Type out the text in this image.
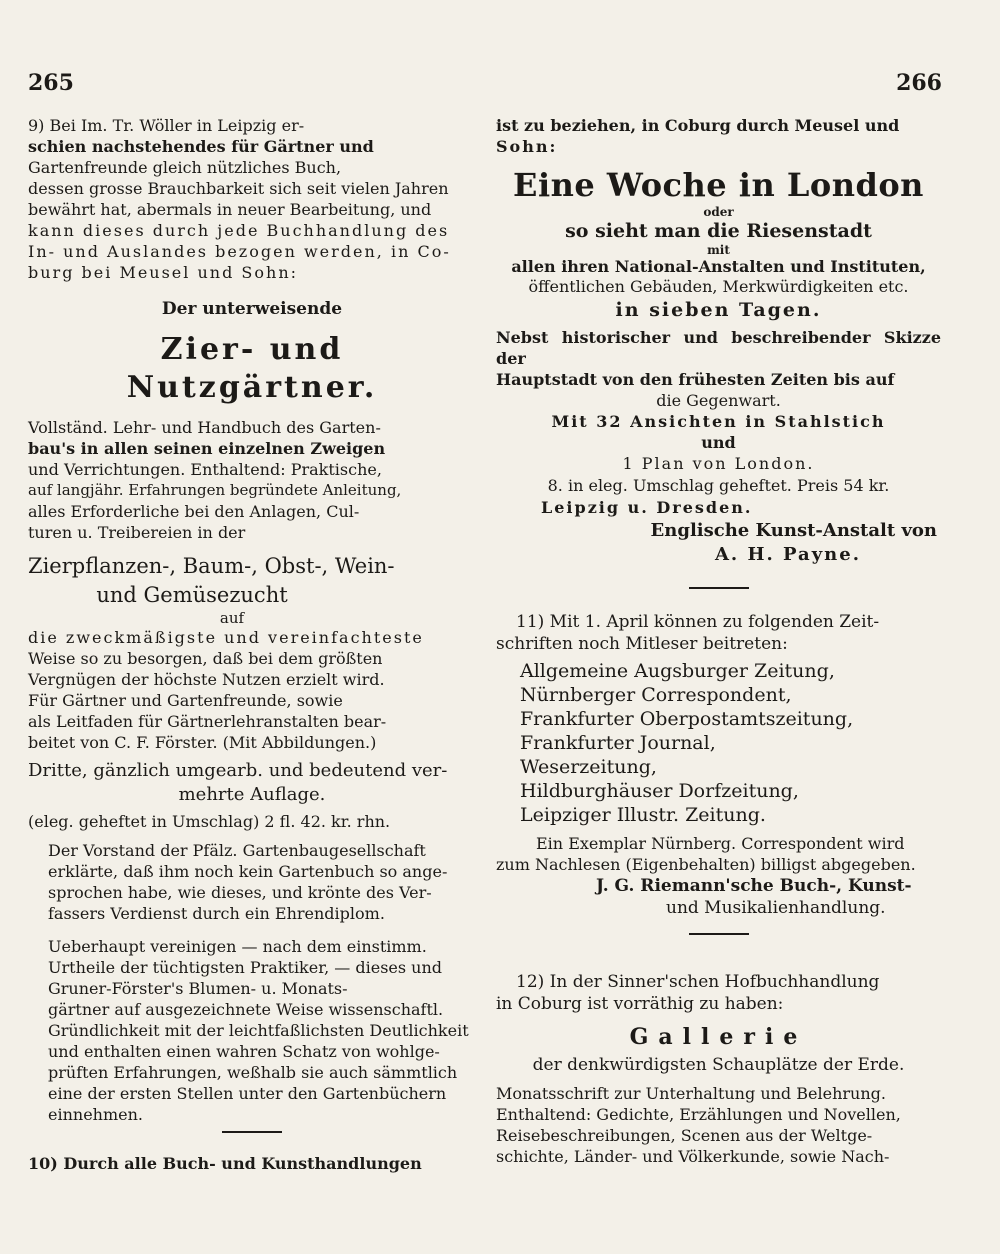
265	266

9) Bei Im. Tr. Wöller in Leipzig er-
schien nachstehendes für Gärtner und
Gartenfreunde gleich nützliches Buch,
dessen grosse Brauchbarkeit sich seit vielen Jahren
bewährt hat, abermals in neuer Bearbeitung, und
kann dieses durch jede Buchhandlung des
In- und Auslandes bezogen werden, in Co-
burg bei Meusel und Sohn:

Der unterweisende
Zier- und
Nutzgärtner.

Vollständ. Lehr- und Handbuch des Garten-
bau's in allen seinen einzelnen Zweigen
und Verrichtungen. Enthaltend: Praktische,
auf langjähr. Erfahrungen begründete Anleitung,
alles Erforderliche bei den Anlagen, Cul-
turen u. Treibereien in der

Zierpflanzen-, Baum-, Obst-, Wein-
und Gemüsezucht
auf

die zweckmäßigste und vereinfachteste
Weise so zu besorgen, daß bei dem größten
Vergnügen der höchste Nutzen erzielt wird.
Für Gärtner und Gartenfreunde, sowie
als Leitfaden für Gärtnerlehranstalten bear-
beitet von C. F. Förster. (Mit Abbildungen.)

Dritte, gänzlich umgearb. und bedeutend ver-
mehrte Auflage.
(eleg. geheftet in Umschlag) 2 fl. 42. kr. rhn.

Der Vorstand der Pfälz. Gartenbaugesellschaft
erklärte, daß ihm noch kein Gartenbuch so ange-
sprochen habe, wie dieses, und krönte des Ver-
fassers Verdienst durch ein Ehrendiplom.

Ueberhaupt vereinigen — nach dem einstimm.
Urtheile der tüchtigsten Praktiker, — dieses und
Gruner-Förster's Blumen- u. Monats-
gärtner auf ausgezeichnete Weise wissenschaftl.
Gründlichkeit mit der leichtfaßlichsten Deutlichkeit
und enthalten einen wahren Schatz von wohlge-
prüften Erfahrungen, weßhalb sie auch sämmtlich
eine der ersten Stellen unter den Gartenbüchern
einnehmen.

10) Durch alle Buch- und Kunsthandlungen

ist zu beziehen, in Coburg durch Meusel und
Sohn:

Eine Woche in London
oder
so sieht man die Riesenstadt
mit
allen ihren National-Anstalten und Instituten,
öffentlichen Gebäuden, Merkwürdigkeiten etc.
in sieben Tagen.

Nebst historischer und beschreibender Skizze der
Hauptstadt von den frühesten Zeiten bis auf

die Gegenwart.
Mit 32 Ansichten in Stahlstich
und
1 Plan von London.
8. in eleg. Umschlag geheftet. Preis 54 kr.
Leipzig u. Dresden.
Englische Kunst-Anstalt von
A. H. Payne.

11) Mit 1. April können zu folgenden Zeit-
schriften noch Mitleser beitreten:

Allgemeine Augsburger Zeitung,
Nürnberger Correspondent,
Frankfurter Oberpostamtszeitung,
Frankfurter Journal,
Weserzeitung,
Hildburghäuser Dorfzeitung,
Leipziger Illustr. Zeitung.

Ein Exemplar Nürnberg. Correspondent wird
zum Nachlesen (Eigenbehalten) billigst abgegeben.

J. G. Riemann'sche Buch-, Kunst-
und Musikalienhandlung.

12) In der Sinner'schen Hofbuchhandlung
in Coburg ist vorräthig zu haben:

Gallerie
der denkwürdigsten Schauplätze der Erde.

Monatsschrift zur Unterhaltung und Belehrung.
Enthaltend: Gedichte, Erzählungen und Novellen,
Reisebeschreibungen, Scenen aus der Weltge-
schichte, Länder- und Völkerkunde, sowie Nach-
